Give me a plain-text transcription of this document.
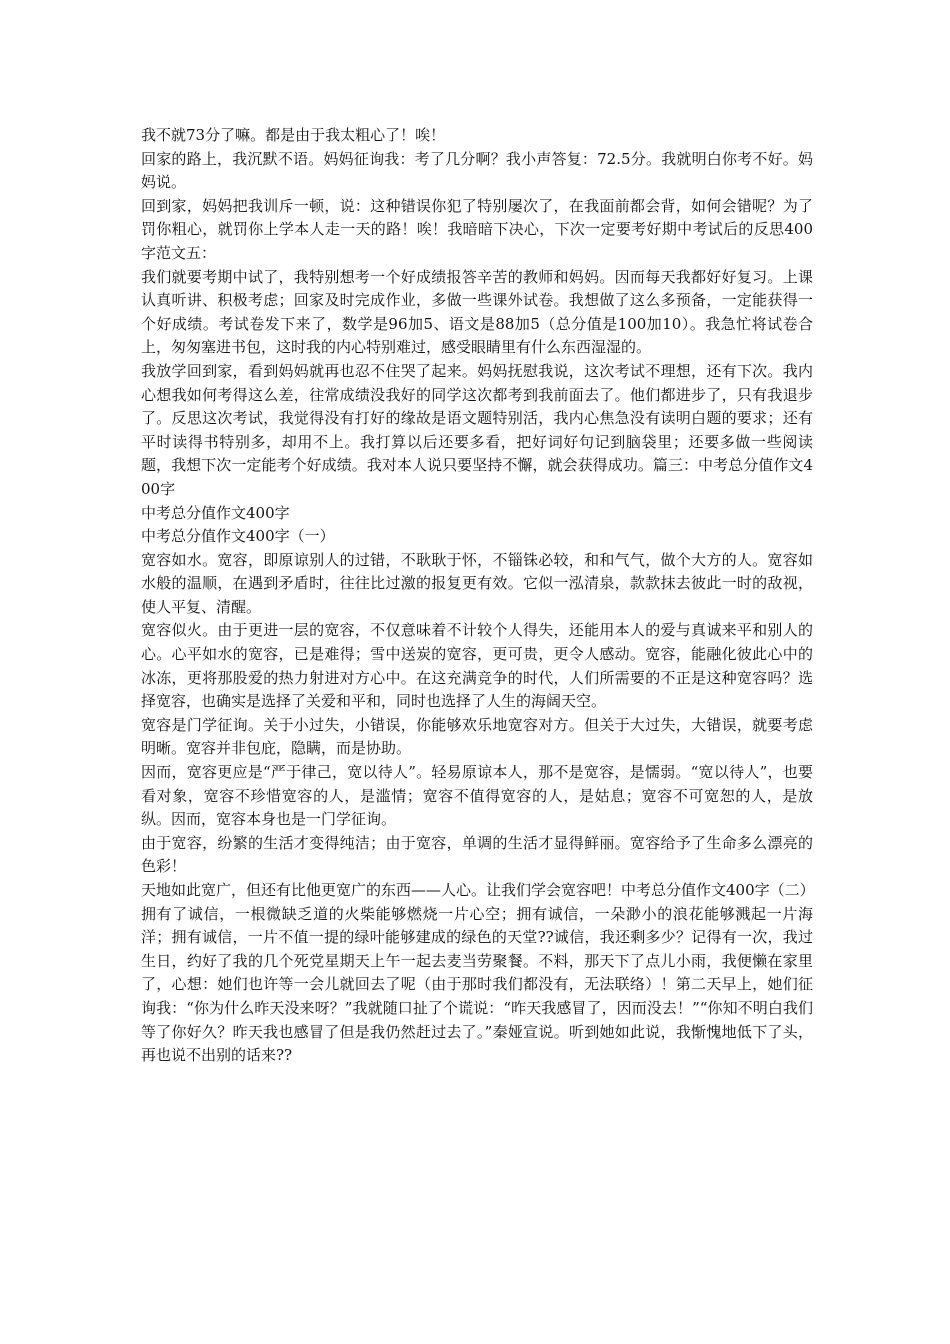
我不就73分了嘛。都是由于我太粗心了！唉！

回家的路上，我沉默不语。妈妈征询我：考了几分啊？我小声答复：72.5分。我就明白你考不好。妈妈说。

回到家，妈妈把我训斥一顿，说：这种错误你犯了特别屡次了，在我面前都会背，如何会错呢？为了罚你粗心，就罚你上学本人走一天的路！唉！我暗暗下决心，下次一定要考好期中考试后的反思400字范文五：

我们就要考期中试了，我特别想考一个好成绩报答辛苦的教师和妈妈。因而每天我都好好复习。上课认真听讲、积极考虑；回家及时完成作业，多做一些课外试卷。我想做了这么多预备，一定能获得一个好成绩。考试卷发下来了，数学是96加5、语文是88加5（总分值是100加10）。我急忙将试卷合上，匆匆塞进书包，这时我的内心特别难过，感受眼睛里有什么东西湿湿的。

我放学回到家，看到妈妈就再也忍不住哭了起来。妈妈抚慰我说，这次考试不理想，还有下次。我内心想我如何考得这么差，往常成绩没我好的同学这次都考到我前面去了。他们都进步了，只有我退步了。反思这次考试，我觉得没有打好的缘故是语文题特别活，我内心焦急没有读明白题的要求；还有平时读得书特别多，却用不上。我打算以后还要多看，把好词好句记到脑袋里；还要多做一些阅读题，我想下次一定能考个好成绩。我对本人说只要坚持不懈，就会获得成功。篇三：中考总分值作文400字

中考总分值作文400字

中考总分值作文400字（一）

宽容如水。宽容，即原谅别人的过错，不耿耿于怀，不锱铢必较，和和气气，做个大方的人。宽容如水般的温顺，在遇到矛盾时，往往比过激的报复更有效。它似一泓清泉，款款抹去彼此一时的敌视，使人平复、清醒。

宽容似火。由于更进一层的宽容，不仅意味着不计较个人得失，还能用本人的爱与真诚来平和别人的心。心平如水的宽容，已是难得；雪中送炭的宽容，更可贵，更令人感动。宽容，能融化彼此心中的冰冻，更将那股爱的热力射进对方心中。在这充满竞争的时代，人们所需要的不正是这种宽容吗？选择宽容，也确实是选择了关爱和平和，同时也选择了人生的海阔天空。

宽容是门学征询。关于小过失，小错误，你能够欢乐地宽容对方。但关于大过失，大错误，就要考虑明晰。宽容并非包庇，隐瞒，而是协助。

因而，宽容更应是“严于律己，宽以待人”。轻易原谅本人，那不是宽容，是懦弱。“宽以待人”，也要看对象，宽容不珍惜宽容的人，是滥情；宽容不值得宽容的人，是姑息；宽容不可宽恕的人，是放纵。因而，宽容本身也是一门学征询。

由于宽容，纷繁的生活才变得纯洁；由于宽容，单调的生活才显得鲜丽。宽容给予了生命多么漂亮的色彩！

天地如此宽广，但还有比他更宽广的东西——人心。让我们学会宽容吧！中考总分值作文400字（二）

拥有了诚信，一根微缺乏道的火柴能够燃烧一片心空；拥有诚信，一朵渺小的浪花能够溅起一片海洋；拥有诚信，一片不值一提的绿叶能够建成的绿色的天堂??诚信，我还剩多少？记得有一次，我过生日，约好了我的几个死党星期天上午一起去麦当劳聚餐。不料，那天下了点儿小雨，我便懒在家里了，心想：她们也许等一会儿就回去了呢（由于那时我们都没有，无法联络）！第二天早上，她们征询我：“你为什么昨天没来呀？”我就随口扯了个谎说：“昨天我感冒了，因而没去！”“你知不明白我们等了你好久？昨天我也感冒了但是我仍然赶过去了。”秦娅宣说。听到她如此说，我惭愧地低下了头，再也说不出别的话来??
